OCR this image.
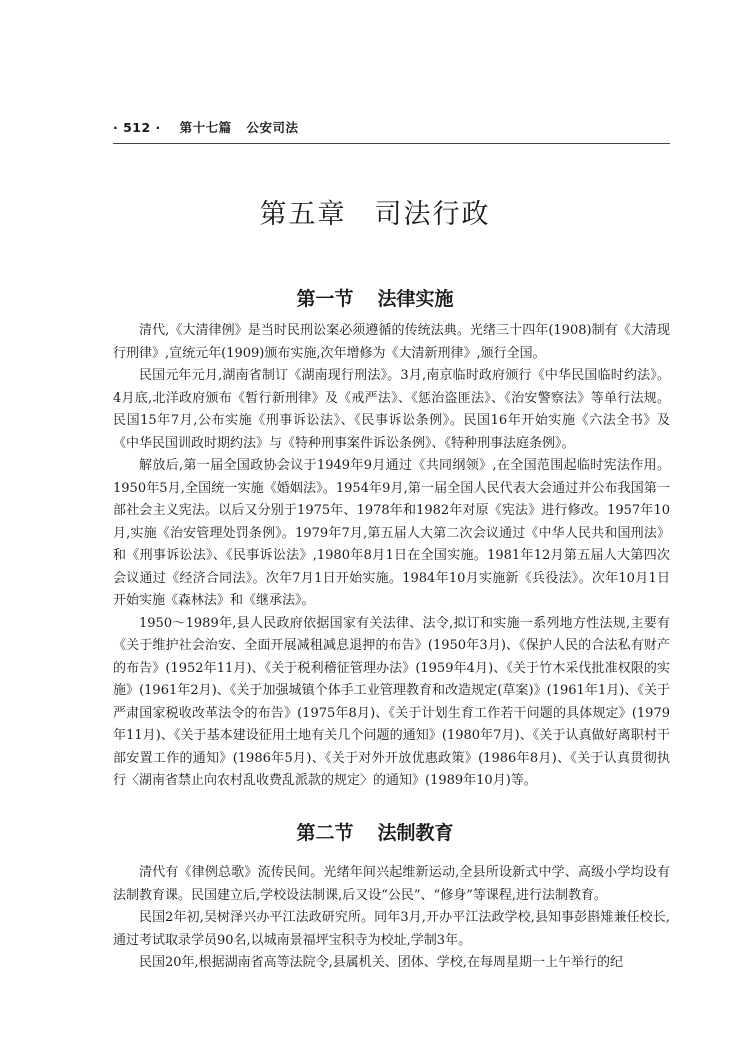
· 512 · 第十七篇 公安司法
第五章 司法行政
第一节 法律实施

清代,《大清律例》是当时民刑讼案必须遵循的传统法典。光绪三十四年(1908)制有《大清现行刑律》,宣统元年(1909)颁布实施,次年增修为《大清新刑律》,颁行全国。

民国元年元月,湖南省制订《湖南现行刑法》。3月,南京临时政府颁行《中华民国临时约法》。4月底,北洋政府颁布《暂行新刑律》及《戒严法》、《惩治盗匪法》、《治安警察法》等单行法规。民国15年7月,公布实施《刑事诉讼法》、《民事诉讼条例》。民国16年开始实施《六法全书》及《中华民国训政时期约法》与《特种刑事案件诉讼条例》、《特种刑事法庭条例》。

解放后,第一届全国政协会议于1949年9月通过《共同纲领》,在全国范围起临时宪法作用。1950年5月,全国统一实施《婚姻法》。1954年9月,第一届全国人民代表大会通过并公布我国第一部社会主义宪法。以后又分别于1975年、1978年和1982年对原《宪法》进行修改。1957年10月,实施《治安管理处罚条例》。1979年7月,第五届人大第二次会议通过《中华人民共和国刑法》和《刑事诉讼法》、《民事诉讼法》,1980年8月1日在全国实施。1981年12月第五届人大第四次会议通过《经济合同法》。次年7月1日开始实施。1984年10月实施新《兵役法》。次年10月1日开始实施《森林法》和《继承法》。

1950～1989年,县人民政府依据国家有关法律、法令,拟订和实施一系列地方性法规,主要有《关于维护社会治安、全面开展减租减息退押的布告》(1950年3月)、《保护人民的合法私有财产的布告》(1952年11月)、《关于税利稽征管理办法》(1959年4月)、《关于竹木采伐批准权限的实施》(1961年2月)、《关于加强城镇个体手工业管理教育和改造规定(草案)》(1961年1月)、《关于严肃国家税收改革法令的布告》(1975年8月)、《关于计划生育工作若干问题的具体规定》(1979年11月)、《关于基本建设征用土地有关几个问题的通知》(1980年7月)、《关于认真做好离职村干部安置工作的通知》(1986年5月)、《关于对外开放优惠政策》(1986年8月)、《关于认真贯彻执行〈湖南省禁止向农村乱收费乱派款的规定〉的通知》(1989年10月)等。

第二节 法制教育

清代有《律例总歌》流传民间。光绪年间兴起维新运动,全县所设新式中学、高级小学均设有法制教育课。民国建立后,学校设法制课,后又设“公民”、“修身”等课程,进行法制教育。

民国2年初,吴树泽兴办平江法政研究所。同年3月,开办平江法政学校,县知事彭斟雉兼任校长,通过考试取录学员90名,以城南景福坪宝积寺为校址,学制3年。

民国20年,根据湖南省高等法院令,县属机关、团体、学校,在每周星期一上午举行的纪
